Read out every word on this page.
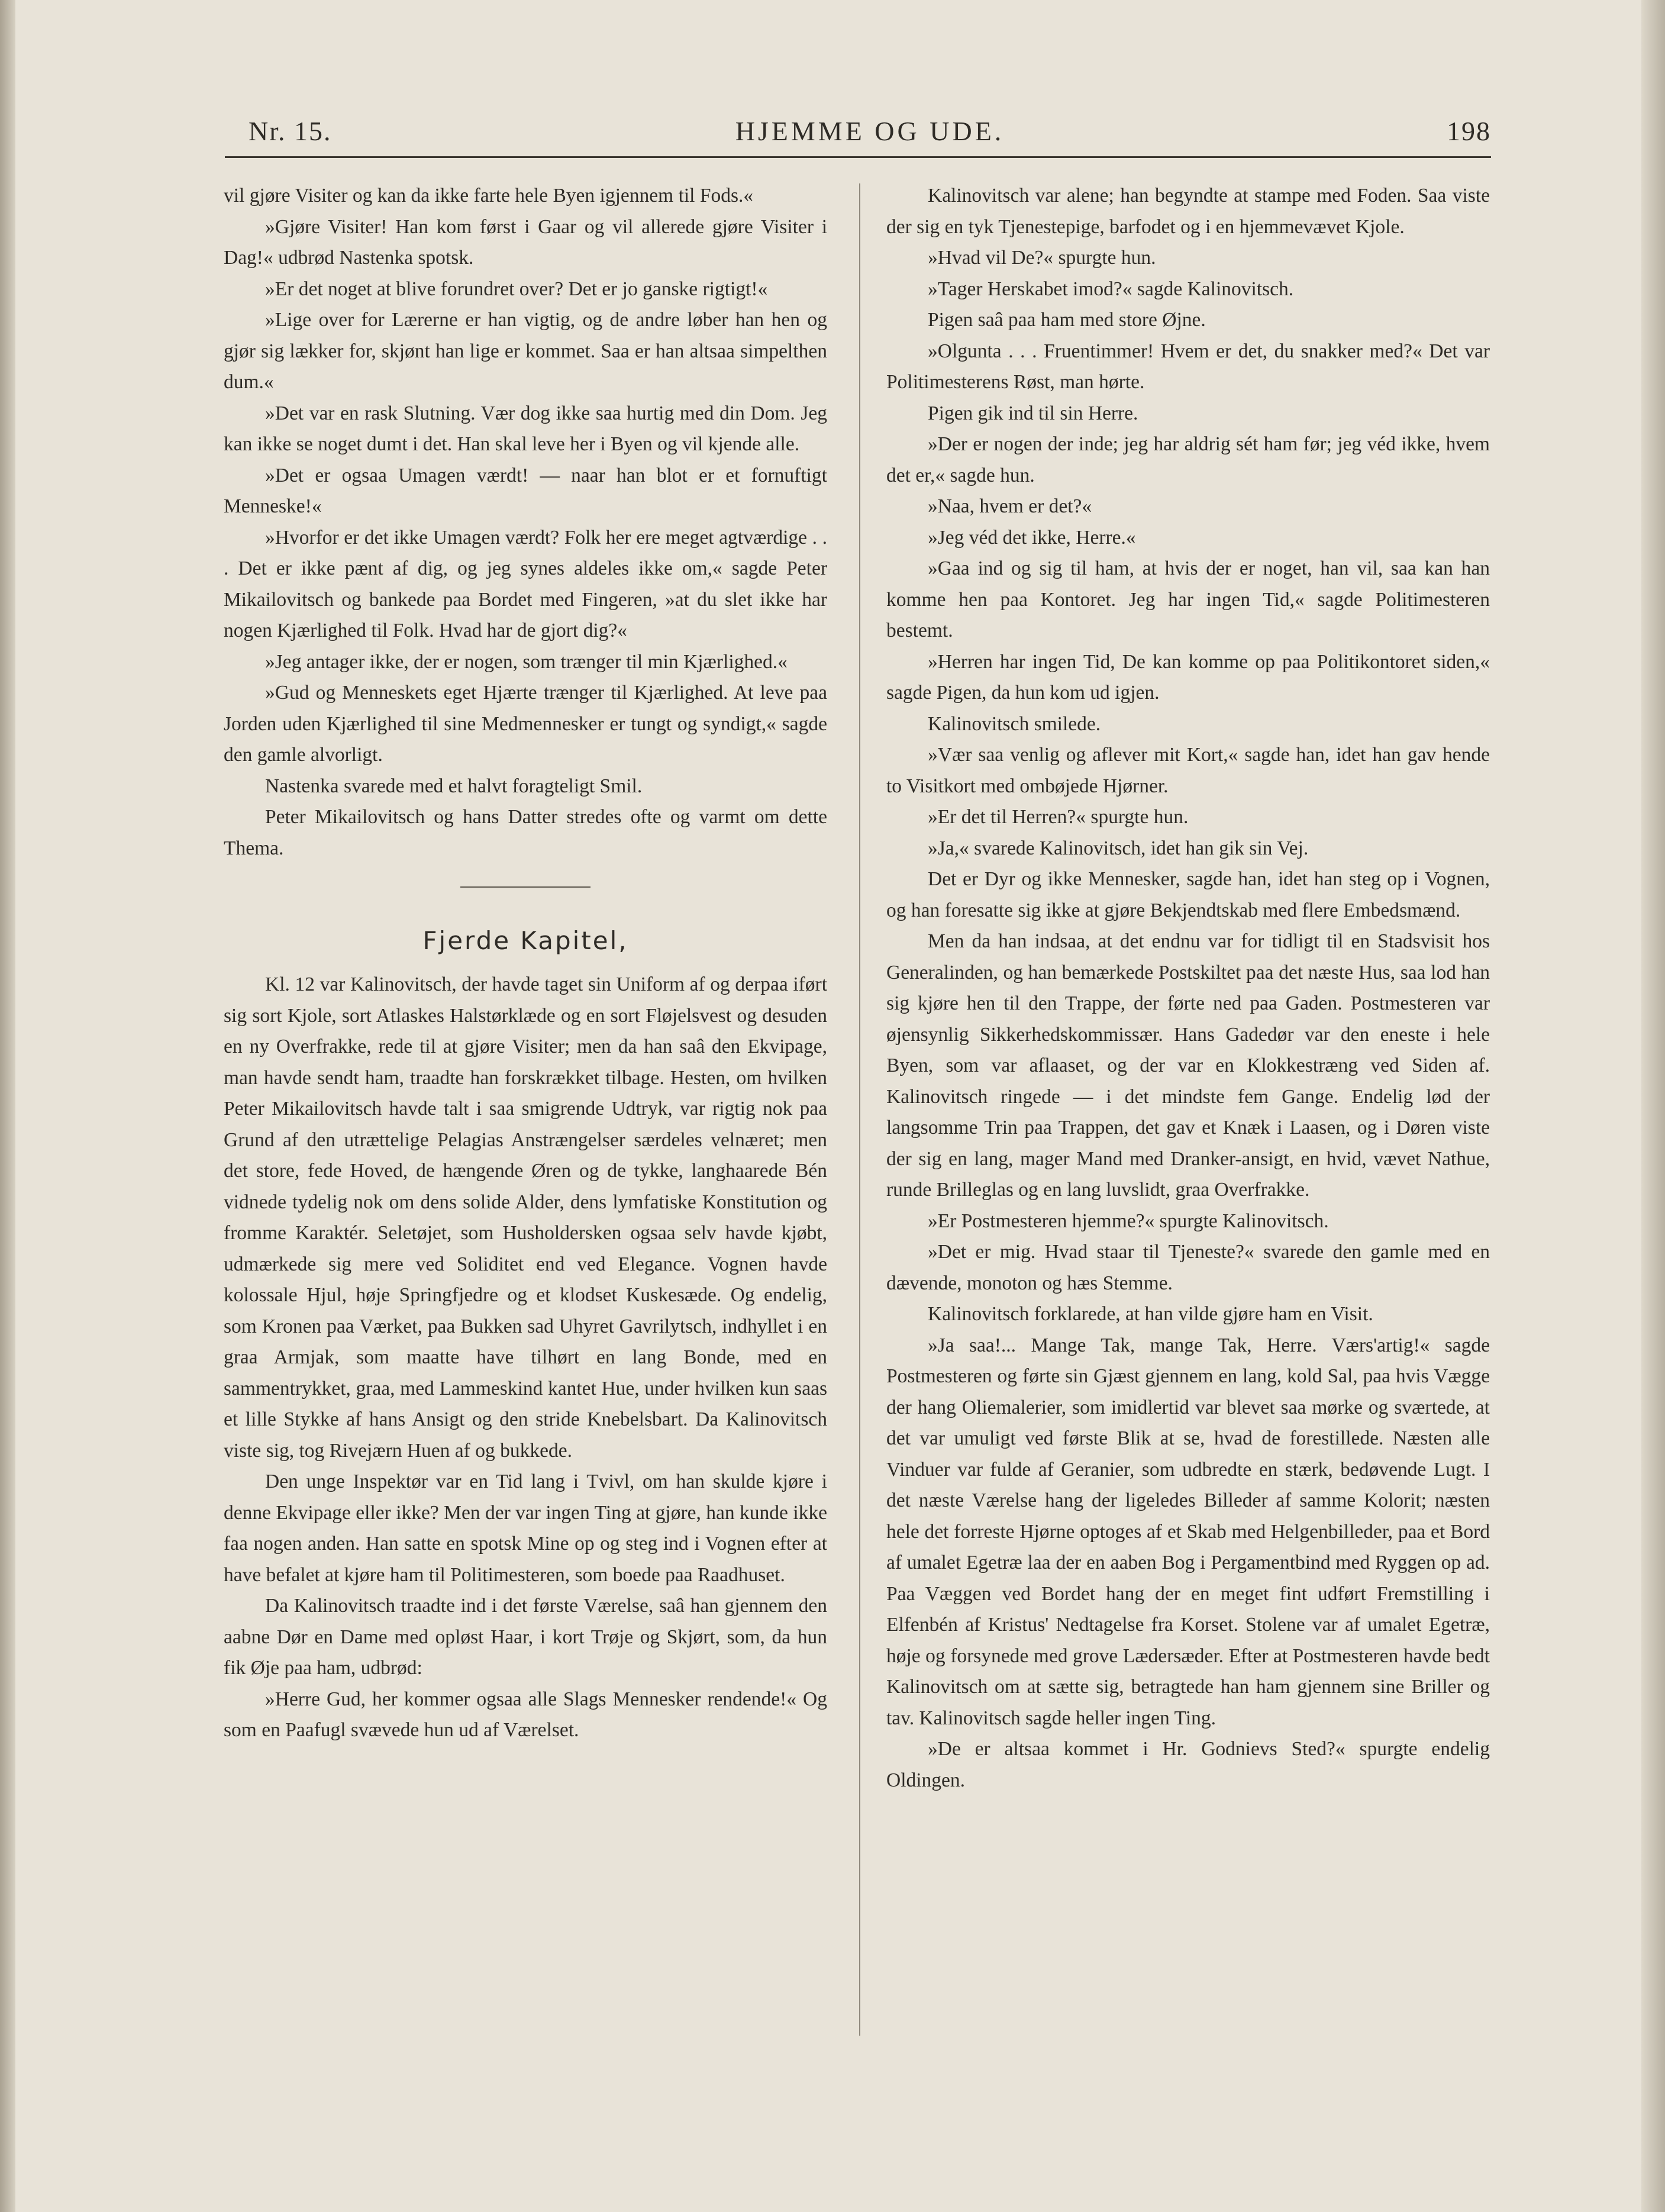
HJEMME OG UDE.
Nr. 15.	198

vil gjøre Visiter og kan da ikke farte hele Byen igjennem til Fods.«

»Gjøre Visiter! Han kom først i Gaar og vil allerede gjøre Visiter i Dag!« udbrød Nastenka spotsk.

»Er det noget at blive forundret over? Det er jo ganske rigtigt!«

»Lige over for Lærerne er han vigtig, og de andre løber han hen og gjør sig lækker for, skjønt han lige er kommet. Saa er han altsaa simpelthen dum.«

»Det var en rask Slutning. Vær dog ikke saa hurtig med din Dom. Jeg kan ikke se noget dumt i det. Han skal leve her i Byen og vil kjende alle.

»Det er ogsaa Umagen værdt! — naar han blot er et fornuftigt Menneske!«

»Hvorfor er det ikke Umagen værdt? Folk her ere meget agtværdige . . . Det er ikke pænt af dig, og jeg synes aldeles ikke om,« sagde Peter Mikailovitsch og bankede paa Bordet med Fingeren, »at du slet ikke har nogen Kjærlighed til Folk. Hvad har de gjort dig?«

»Jeg antager ikke, der er nogen, som trænger til min Kjærlighed.«

»Gud og Menneskets eget Hjærte trænger til Kjærlighed. At leve paa Jorden uden Kjærlighed til sine Medmennesker er tungt og syndigt,« sagde den gamle alvorligt.

Nastenka svarede med et halvt foragteligt Smil.

Peter Mikailovitsch og hans Datter stredes ofte og varmt om dette Thema.

Fjerde Kapitel,

Kl. 12 var Kalinovitsch, der havde taget sin Uniform af og derpaa iført sig sort Kjole, sort Atlaskes Halstørklæde og en sort Fløjelsvest og desuden en ny Overfrakke, rede til at gjøre Visiter; men da han saâ den Ekvipage, man havde sendt ham, traadte han forskrækket tilbage. Hesten, om hvilken Peter Mikailovitsch havde talt i saa smigrende Udtryk, var rigtig nok paa Grund af den utrættelige Pelagias Anstrængelser særdeles velnæret; men det store, fede Hoved, de hængende Øren og de tykke, langhaarede Bén vidnede tydelig nok om dens solide Alder, dens lymfatiske Konstitution og fromme Karaktér. Seletøjet, som Husholdersken ogsaa selv havde kjøbt, udmærkede sig mere ved Soliditet end ved Elegance. Vognen havde kolossale Hjul, høje Springfjedre og et klodset Kuskesæde. Og endelig, som Kronen paa Værket, paa Bukken sad Uhyret Gavrilytsch, indhyllet i en graa Armjak, som maatte have tilhørt en lang Bonde, med en sammentrykket, graa, med Lammeskind kantet Hue, under hvilken kun saas et lille Stykke af hans Ansigt og den stride Knebelsbart. Da Kalinovitsch viste sig, tog Rivejærn Huen af og bukkede.

Den unge Inspektør var en Tid lang i Tvivl, om han skulde kjøre i denne Ekvipage eller ikke? Men der var ingen Ting at gjøre, han kunde ikke faa nogen anden. Han satte en spotsk Mine op og steg ind i Vognen efter at have befalet at kjøre ham til Politimesteren, som boede paa Raadhuset.

Da Kalinovitsch traadte ind i det første Værelse, saâ han gjennem den aabne Dør en Dame med opløst Haar, i kort Trøje og Skjørt, som, da hun fik Øje paa ham, udbrød:

»Herre Gud, her kommer ogsaa alle Slags Mennesker rendende!« Og som en Paafugl svævede hun ud af Værelset.

Kalinovitsch var alene; han begyndte at stampe med Foden. Saa viste der sig en tyk Tjenestepige, barfodet og i en hjemmevævet Kjole.

»Hvad vil De?« spurgte hun.

»Tager Herskabet imod?« sagde Kalinovitsch.

Pigen saâ paa ham med store Øjne.

»Olgunta . . . Fruentimmer! Hvem er det, du snakker med?« Det var Politimesterens Røst, man hørte.

Pigen gik ind til sin Herre.

»Der er nogen der inde; jeg har aldrig sét ham før; jeg véd ikke, hvem det er,« sagde hun.

»Naa, hvem er det?«

»Jeg véd det ikke, Herre.«

»Gaa ind og sig til ham, at hvis der er noget, han vil, saa kan han komme hen paa Kontoret. Jeg har ingen Tid,« sagde Politimesteren bestemt.

»Herren har ingen Tid, De kan komme op paa Politikontoret siden,« sagde Pigen, da hun kom ud igjen.

Kalinovitsch smilede.

»Vær saa venlig og aflever mit Kort,« sagde han, idet han gav hende to Visitkort med ombøjede Hjørner.

»Er det til Herren?« spurgte hun.

»Ja,« svarede Kalinovitsch, idet han gik sin Vej.

Det er Dyr og ikke Mennesker, sagde han, idet han steg op i Vognen, og han foresatte sig ikke at gjøre Bekjendtskab med flere Embedsmænd.

Men da han indsaa, at det endnu var for tidligt til en Stadsvisit hos Generalinden, og han bemærkede Postskiltet paa det næste Hus, saa lod han sig kjøre hen til den Trappe, der førte ned paa Gaden. Postmesteren var øjensynlig Sikkerhedskommissær. Hans Gadedør var den eneste i hele Byen, som var aflaaset, og der var en Klokkestræng ved Siden af. Kalinovitsch ringede — i det mindste fem Gange. Endelig lød der langsomme Trin paa Trappen, det gav et Knæk i Laasen, og i Døren viste der sig en lang, mager Mand med Dranker-ansigt, en hvid, vævet Nathue, runde Brilleglas og en lang luvslidt, graa Overfrakke.

»Er Postmesteren hjemme?« spurgte Kalinovitsch.

»Det er mig. Hvad staar til Tjeneste?« svarede den gamle med en dævende, monoton og hæs Stemme.

Kalinovitsch forklarede, at han vilde gjøre ham en Visit.

»Ja saa!... Mange Tak, mange Tak, Herre. Værs'artig!« sagde Postmesteren og førte sin Gjæst gjennem en lang, kold Sal, paa hvis Vægge der hang Oliemalerier, som imidlertid var blevet saa mørke og sværtede, at det var umuligt ved første Blik at se, hvad de forestillede. Næsten alle Vinduer var fulde af Geranier, som udbredte en stærk, bedøvende Lugt. I det næste Værelse hang der ligeledes Billeder af samme Kolorit; næsten hele det forreste Hjørne optoges af et Skab med Helgenbilleder, paa et Bord af umalet Egetræ laa der en aaben Bog i Pergamentbind med Ryggen op ad. Paa Væggen ved Bordet hang der en meget fint udført Fremstilling i Elfenbén af Kristus' Nedtagelse fra Korset. Stolene var af umalet Egetræ, høje og forsynede med grove Lædersæder. Efter at Postmesteren havde bedt Kalinovitsch om at sætte sig, betragtede han ham gjennem sine Briller og tav. Kalinovitsch sagde heller ingen Ting.

»De er altsaa kommet i Hr. Godnievs Sted?« spurgte endelig Oldingen.
